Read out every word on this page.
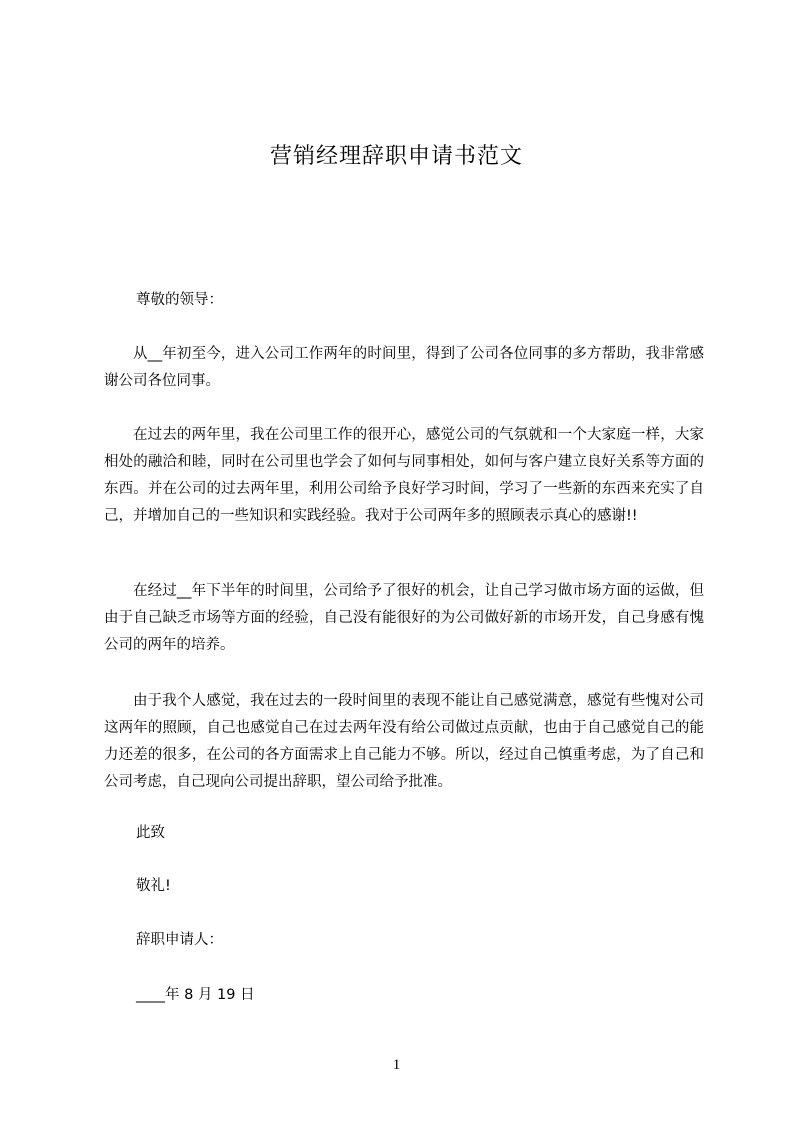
营销经理辞职申请书范文
尊敬的领导：
从__年初至今，进入公司工作两年的时间里，得到了公司各位同事的多方帮助，我非常感谢公司各位同事。
在过去的两年里，我在公司里工作的很开心，感觉公司的气氛就和一个大家庭一样，大家相处的融洽和睦，同时在公司里也学会了如何与同事相处，如何与客户建立良好关系等方面的东西。并在公司的过去两年里，利用公司给予良好学习时间，学习了一些新的东西来充实了自己，并增加自己的一些知识和实践经验。我对于公司两年多的照顾表示真心的感谢!!
在经过__年下半年的时间里，公司给予了很好的机会，让自己学习做市场方面的运做，但由于自己缺乏市场等方面的经验，自己没有能很好的为公司做好新的市场开发，自己身感有愧公司的两年的培养。
由于我个人感觉，我在过去的一段时间里的表现不能让自己感觉满意，感觉有些愧对公司这两年的照顾，自己也感觉自己在过去两年没有给公司做过点贡献，也由于自己感觉自己的能力还差的很多，在公司的各方面需求上自己能力不够。所以，经过自己慎重考虑，为了自己和公司考虑，自己现向公司提出辞职，望公司给予批准。
此致
敬礼!
辞职申请人：
____年 8 月 19 日
1
